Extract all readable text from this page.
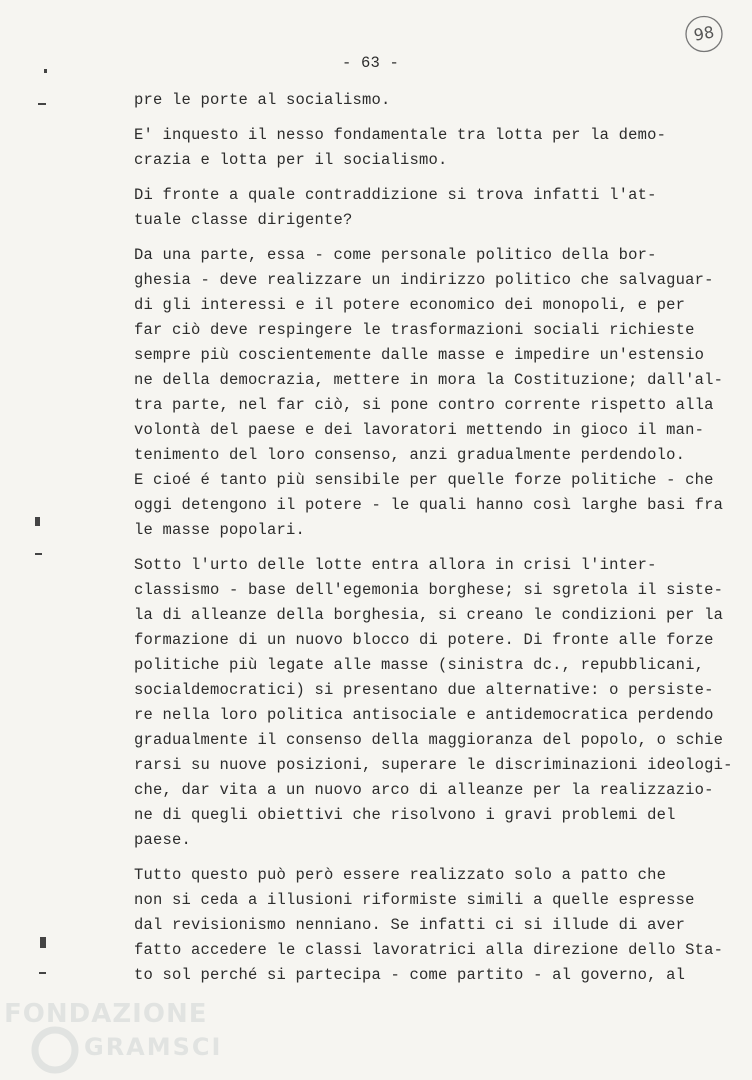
98
- 63 -
pre le porte al socialismo.
E' inquesto il nesso fondamentale tra lotta per la demo-
crazia e lotta per il socialismo.
Di fronte a quale contraddizione si trova infatti l'at-
tuale classe dirigente?
Da una parte, essa - come personale politico della bor-
ghesia - deve realizzare un indirizzo politico che salvaguar-
di gli interessi e il potere economico dei monopoli, e per
far ciò deve respingere le trasformazioni sociali richieste
sempre più coscientemente dalle masse e impedire un'estensio
ne della democrazia, mettere in mora la Costituzione; dall'al-
tra parte, nel far ciò, si pone contro corrente rispetto alla
volontà del paese e dei lavoratori mettendo in gioco il man-
tenimento del loro consenso, anzi gradualmente perdendolo.
E cioé é tanto più sensibile per quelle forze politiche - che
oggi detengono il potere - le quali hanno così larghe basi fra
le masse popolari.
Sotto l'urto delle lotte entra allora in crisi l'inter-
classismo - base dell'egemonia borghese; si sgretola il siste-
la di alleanze della borghesia, si creano le condizioni per la
formazione di un nuovo blocco di potere. Di fronte alle forze
politiche più legate alle masse (sinistra dc., repubblicani,
socialdemocratici) si presentano due alternative: o persiste-
re nella loro politica antisociale e antidemocratica perdendo
gradualmente il consenso della maggioranza del popolo, o schie
rarsi su nuove posizioni, superare le discriminazioni ideologi-
che, dar vita a un nuovo arco di alleanze per la realizzazio-
ne di quegli obiettivi che risolvono i gravi problemi del
paese.
Tutto questo può però essere realizzato solo a patto che
non si ceda a illusioni riformiste simili a quelle espresse
dal revisionismo nenniano. Se infatti ci si illude di aver
fatto accedere le classi lavoratrici alla direzione dello Sta-
to sol perché si partecipa - come partito - al governo, al
FONDAZIONE
GRAMSCI
